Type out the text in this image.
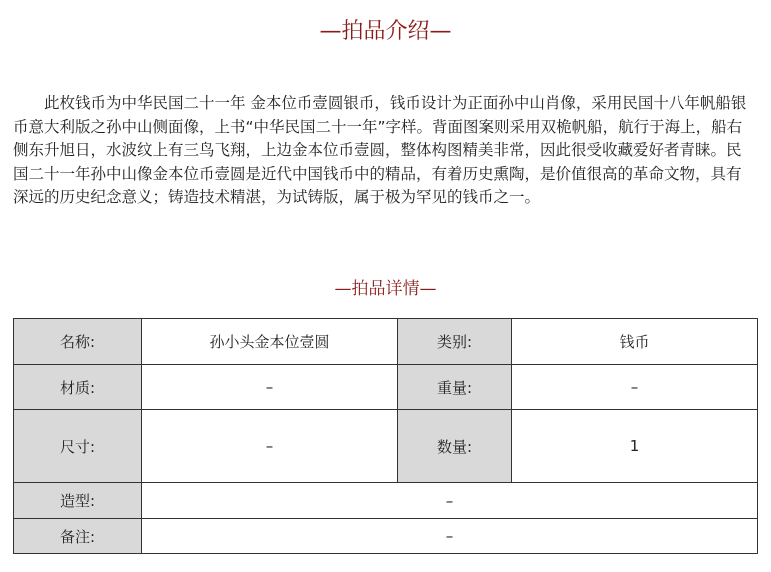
—拍品介绍—

此枚钱币为中华民国二十一年 金本位币壹圆银币，钱币设计为正面孙中山肖像，采用民国十八年帆船银币意大利版之孙中山侧面像，上书“中华民国二十一年”字样。背面图案则采用双桅帆船，航行于海上，船右侧东升旭日，水波纹上有三鸟飞翔，上边金本位币壹圆，整体构图精美非常，因此很受收藏爱好者青睐。民国二十一年孙中山像金本位币壹圆是近代中国钱币中的精品，有着历史熏陶，是价值很高的革命文物，具有深远的历史纪念意义；铸造技术精湛，为试铸版，属于极为罕见的钱币之一。

—拍品详情—
名称:	孙小头金本位壹圆	类别:	钱币
材质:	–	重量:	–
尺寸:	–	数量:	1
造型:	–		
备注:	–		
